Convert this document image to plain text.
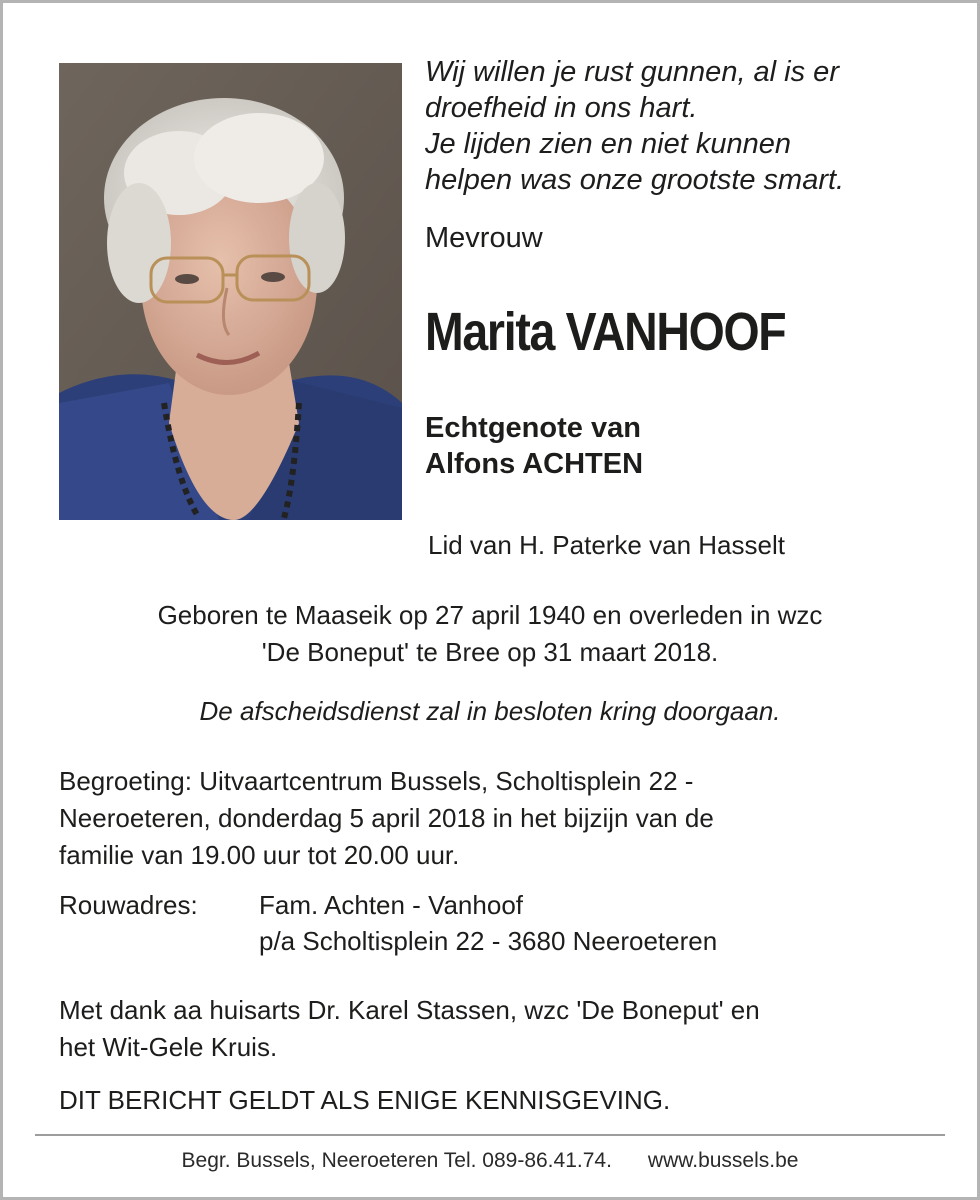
Wij willen je rust gunnen, al is er
droefheid in ons hart.
Je lijden zien en niet kunnen
helpen was onze grootste smart.
Mevrouw
Marita VANHOOF
Echtgenote van
Alfons ACHTEN
Lid van H. Paterke van Hasselt
Geboren te Maaseik op 27 april 1940 en overleden in wzc
'De Boneput' te Bree op 31 maart 2018.
De afscheidsdienst zal in besloten kring doorgaan.
Begroeting: Uitvaartcentrum Bussels, Scholtisplein 22 -
Neeroeteren, donderdag 5 april 2018 in het bijzijn van de
familie van 19.00 uur tot 20.00 uur.
Rouwadres: Fam. Achten - Vanhoof
p/a Scholtisplein 22 - 3680 Neeroeteren
Met dank aa huisarts Dr. Karel Stassen, wzc 'De Boneput' en
het Wit-Gele Kruis.
DIT BERICHT GELDT ALS ENIGE KENNISGEVING.
Begr. Bussels, Neeroeteren Tel. 089-86.41.74. www.bussels.be
